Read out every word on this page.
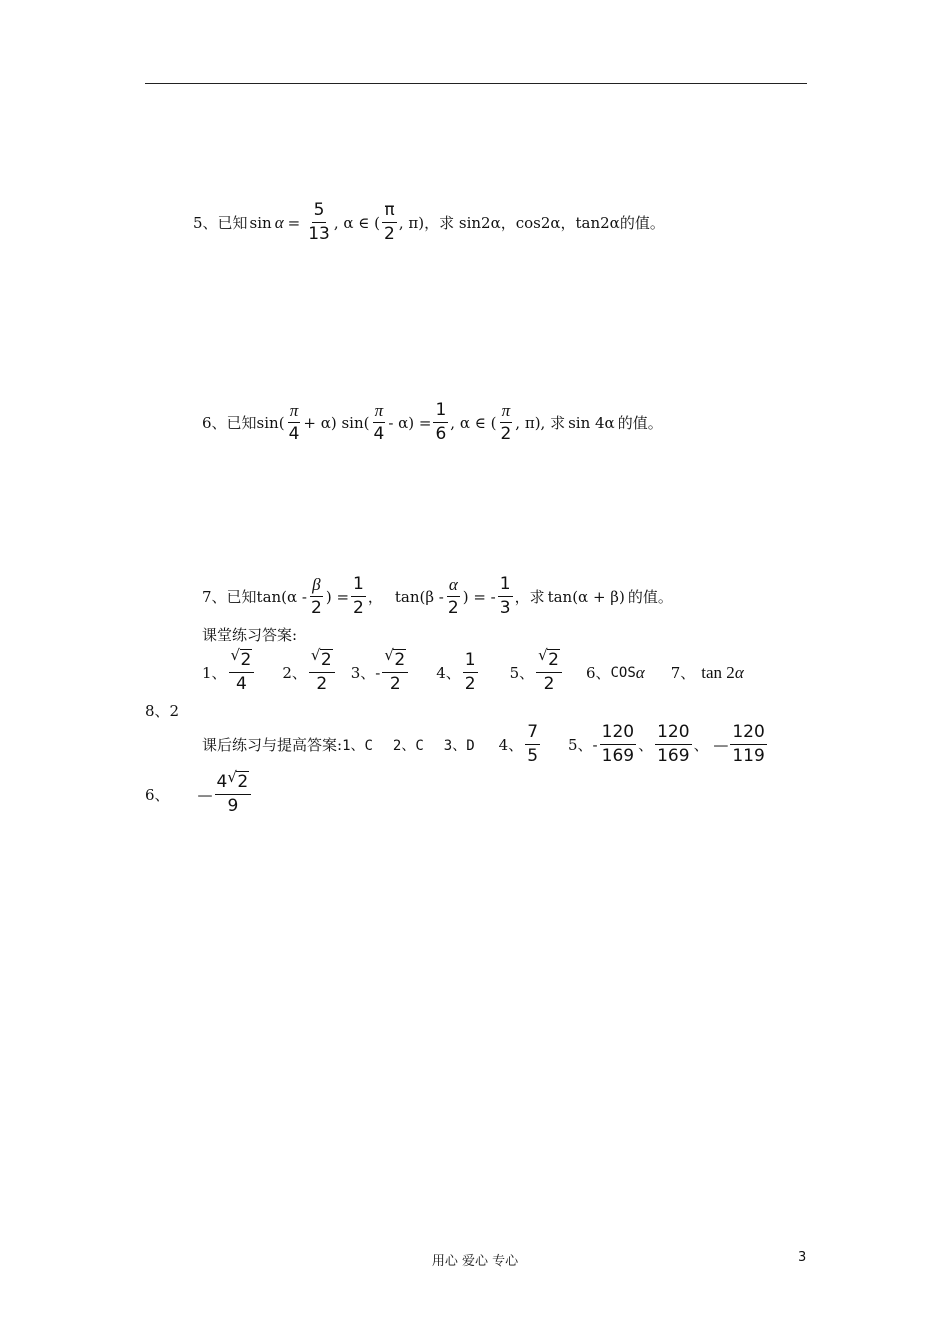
5、已知 $\sin \alpha = \frac{5}{13}$ , α ∈ (
π
2
, π) ，求 sin2α，cos2α，tan2α的值。
6、已知 sin(
π
4
+ α) sin(
π
4
- $\alpha) = \frac{1}{6}$ , α ∈ (
π
2
, π), 求 sin 4α 的值。
7、已知 tan(α -
β
2
) = $\frac{1}{2}$ ， tan(β -
α
2
) = -
1
3
，求 tan(α + β) 的值。
课堂练习答案:
1、
√ 2
4
2、
√ 2
2
3、-
√ 2
2
4、
1
2
5、
√ 2
2
6、 COS α 7、 tan 2 α
8、2
课后练习与提高答案: 1、C 2、C 3、D 4、
7
5
5、-
120
169
、
120
169
、 —
120
119
6、 —
4√ 2
9
用心 爱心 专心	3
